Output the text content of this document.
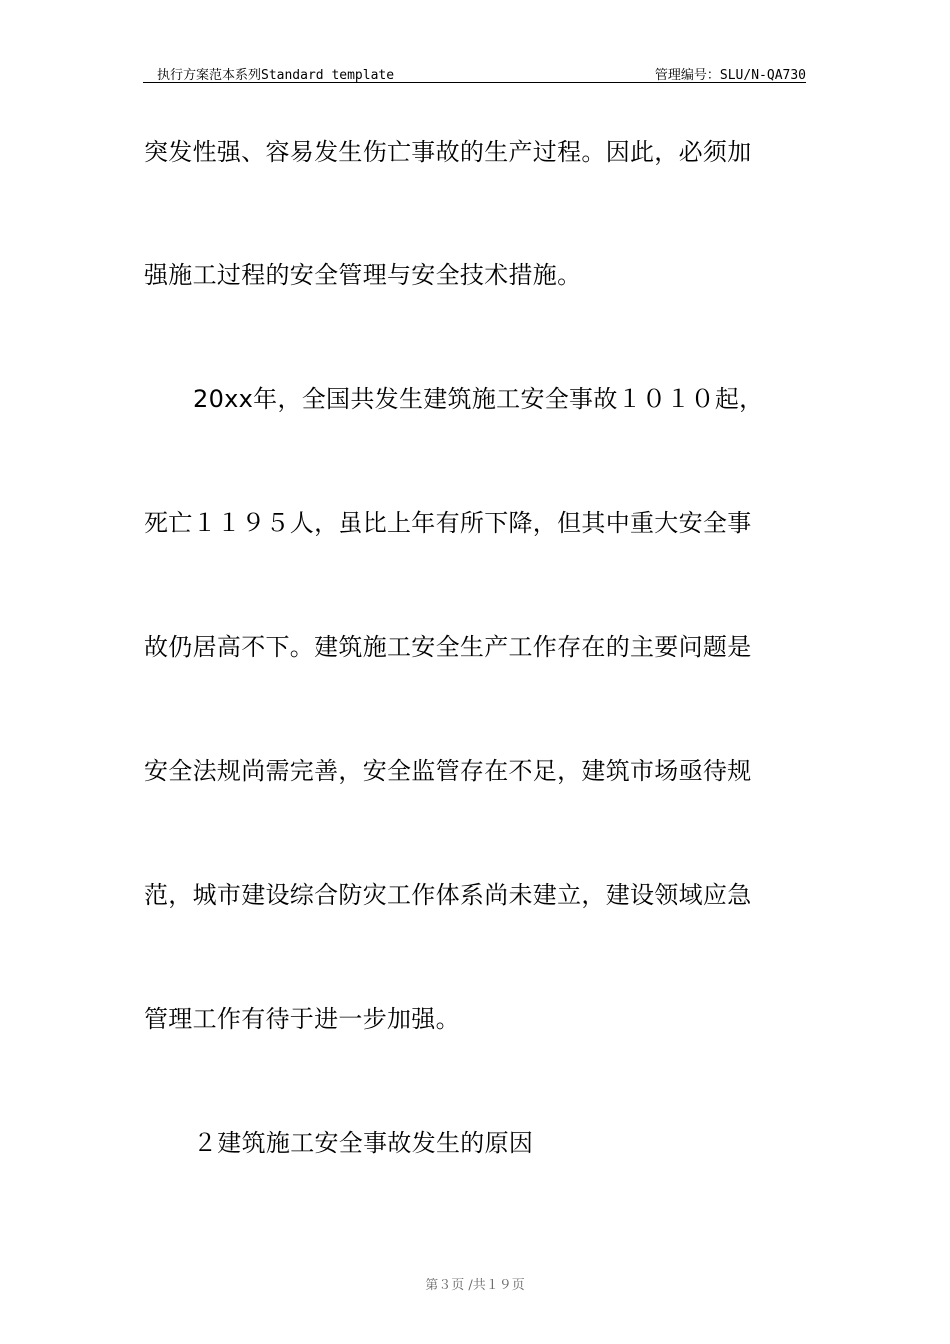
执行方案范本系列Standard template	管理编号：SLU/N-QA730
突发性强、容易发生伤亡事故的生产过程。因此，必须加
强施工过程的安全管理与安全技术措施。
20xx年，全国共发生建筑施工安全事故１０１０起，
死亡１１９５人，虽比上年有所下降，但其中重大安全事
故仍居高不下。建筑施工安全生产工作存在的主要问题是
安全法规尚需完善，安全监管存在不足，建筑市场亟待规
范，城市建设综合防灾工作体系尚未建立，建设领域应急
管理工作有待于进一步加强。
２建筑施工安全事故发生的原因
第３页 /共１９页
